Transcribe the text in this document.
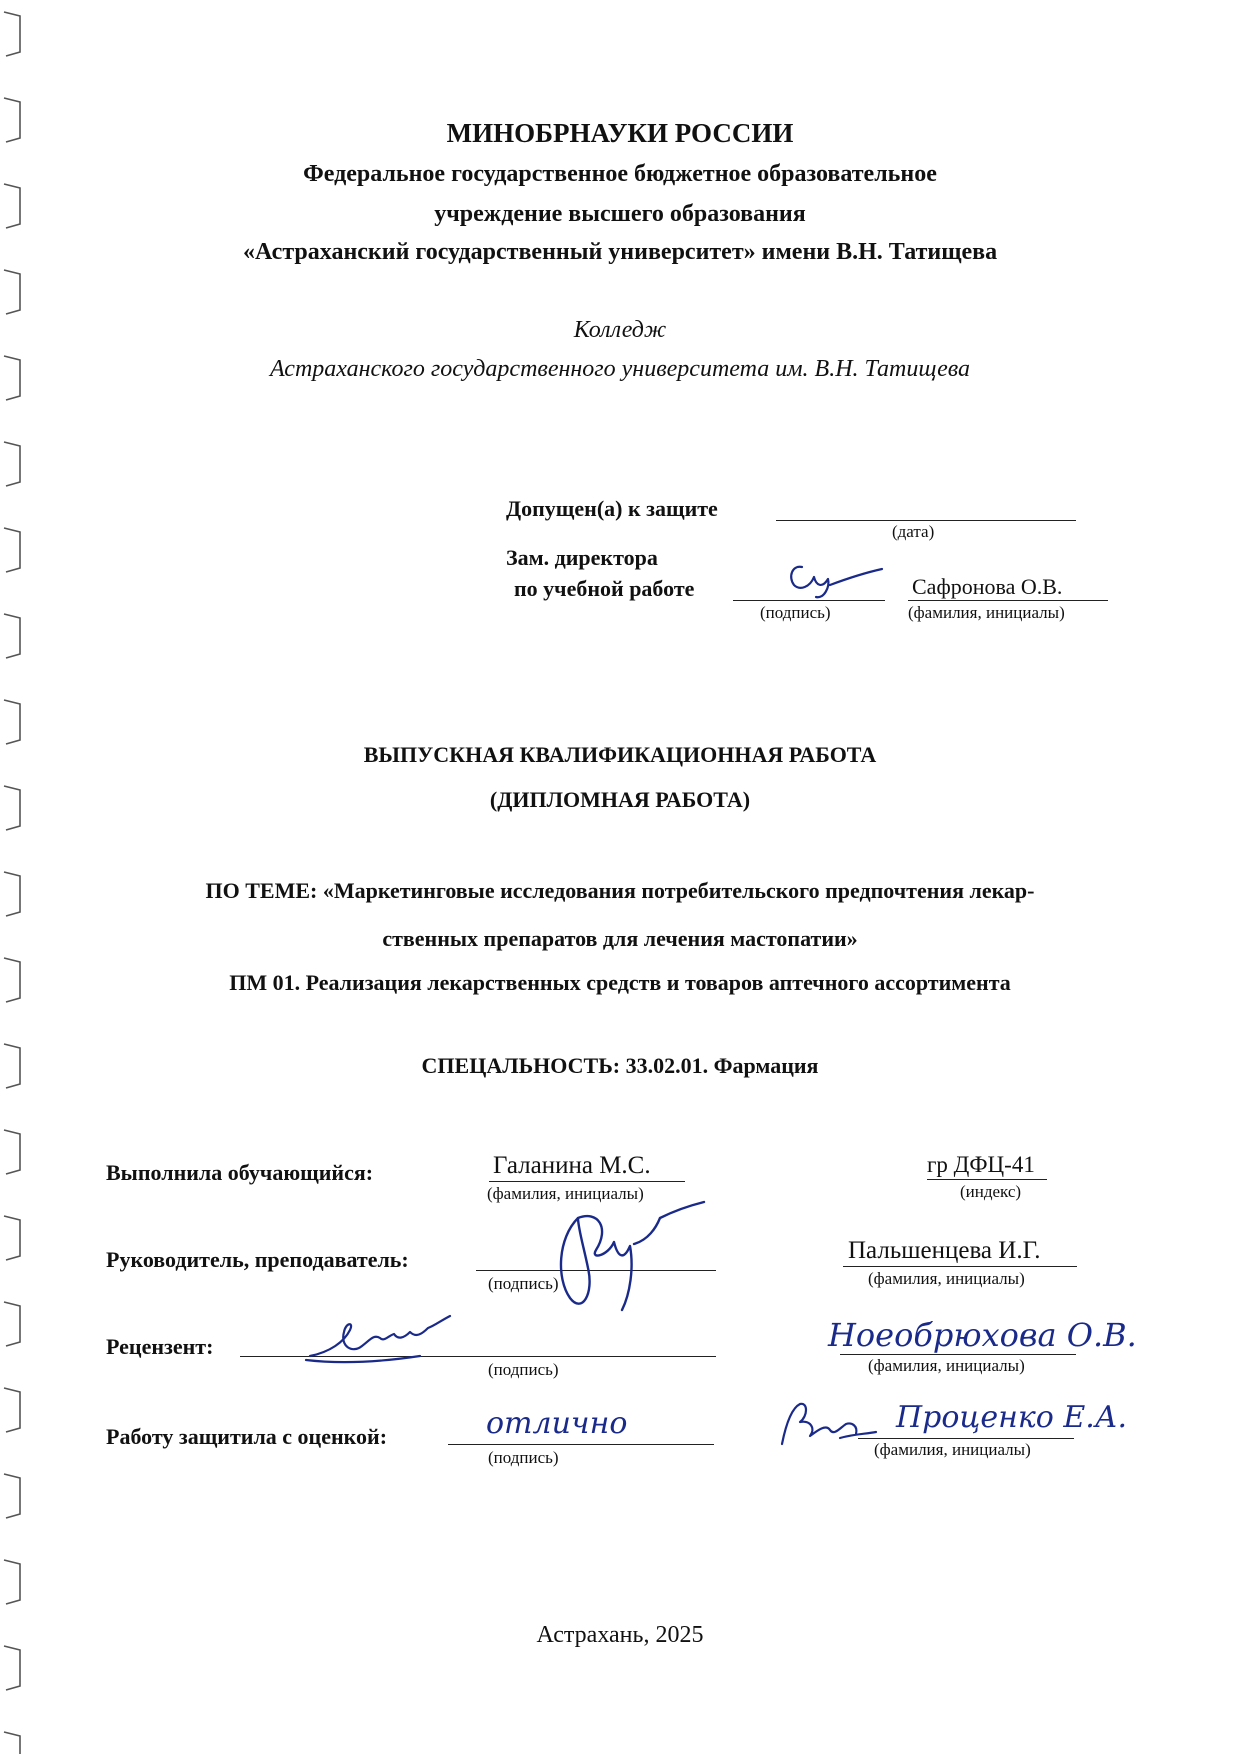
МИНОБРНАУКИ РОССИИ
Федеральное государственное бюджетное образовательное
учреждение высшего образования
«Астраханский государственный университет» имени В.Н. Татищева
Колледж
Астраханского государственного университета им. В.Н. Татищева
Допущен(а) к защите
(дата)
Зам. директора
по учебной работе
(подпись)
Сафронова О.В.
(фамилия, инициалы)
ВЫПУСКНАЯ КВАЛИФИКАЦИОННАЯ РАБОТА
(ДИПЛОМНАЯ РАБОТА)
ПО ТЕМЕ: «Маркетинговые исследования потребительского предпочтения лекар-
ственных препаратов для лечения мастопатии»
ПМ 01. Реализация лекарственных средств и товаров аптечного ассортимента
СПЕЦАЛЬНОСТЬ: 33.02.01. Фармация
Выполнила обучающийся:	Галанина М.С.
(фамилия, инициалы)
гр ДФЦ-41
(индекс)
Руководитель, преподаватель:
(подпись)
Пальшенцева И.Г.
(фамилия, инициалы)
Рецензент:
(подпись)
Ноеобрюхова О.В.
(фамилия, инициалы)
Работу защитила с оценкой:	отлично
(подпись)
Проценко Е.А.
(фамилия, инициалы)
Астрахань, 2025
